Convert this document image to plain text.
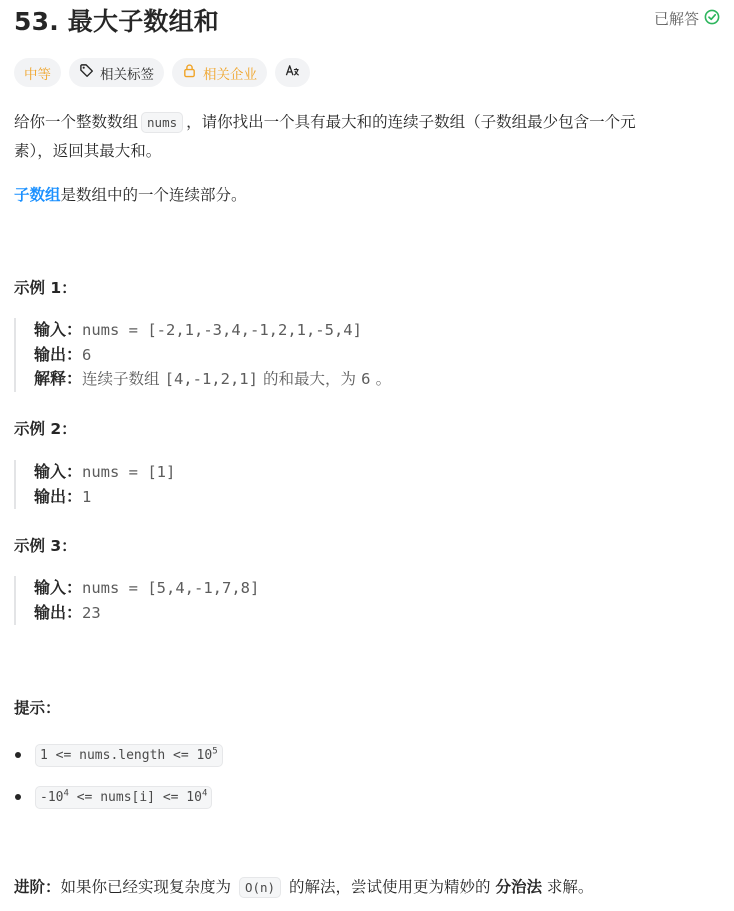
53. 最大子数组和	已解答
中等	相关标签	相关企业
给你一个整数数组 nums ，请你找出一个具有最大和的连续子数组（子数组最少包含一个元
素），返回其最大和。
子数组是数组中的一个连续部分。
示例 1：
输入：nums = [-2,1,-3,4,-1,2,1,-5,4]
输出：6
解释：连续子数组 [4,-1,2,1] 的和最大，为 6 。
示例 2：
输入：nums = [1]
输出：1
示例 3：
输入：nums = [5,4,-1,7,8]
输出：23
提示：
1 <= nums.length <= $10^5$
$-10^4$ <= nums[i] <= $10^4$
进阶：如果你已经实现复杂度为 O(n) 的解法，尝试使用更为精妙的 分治法 求解。
